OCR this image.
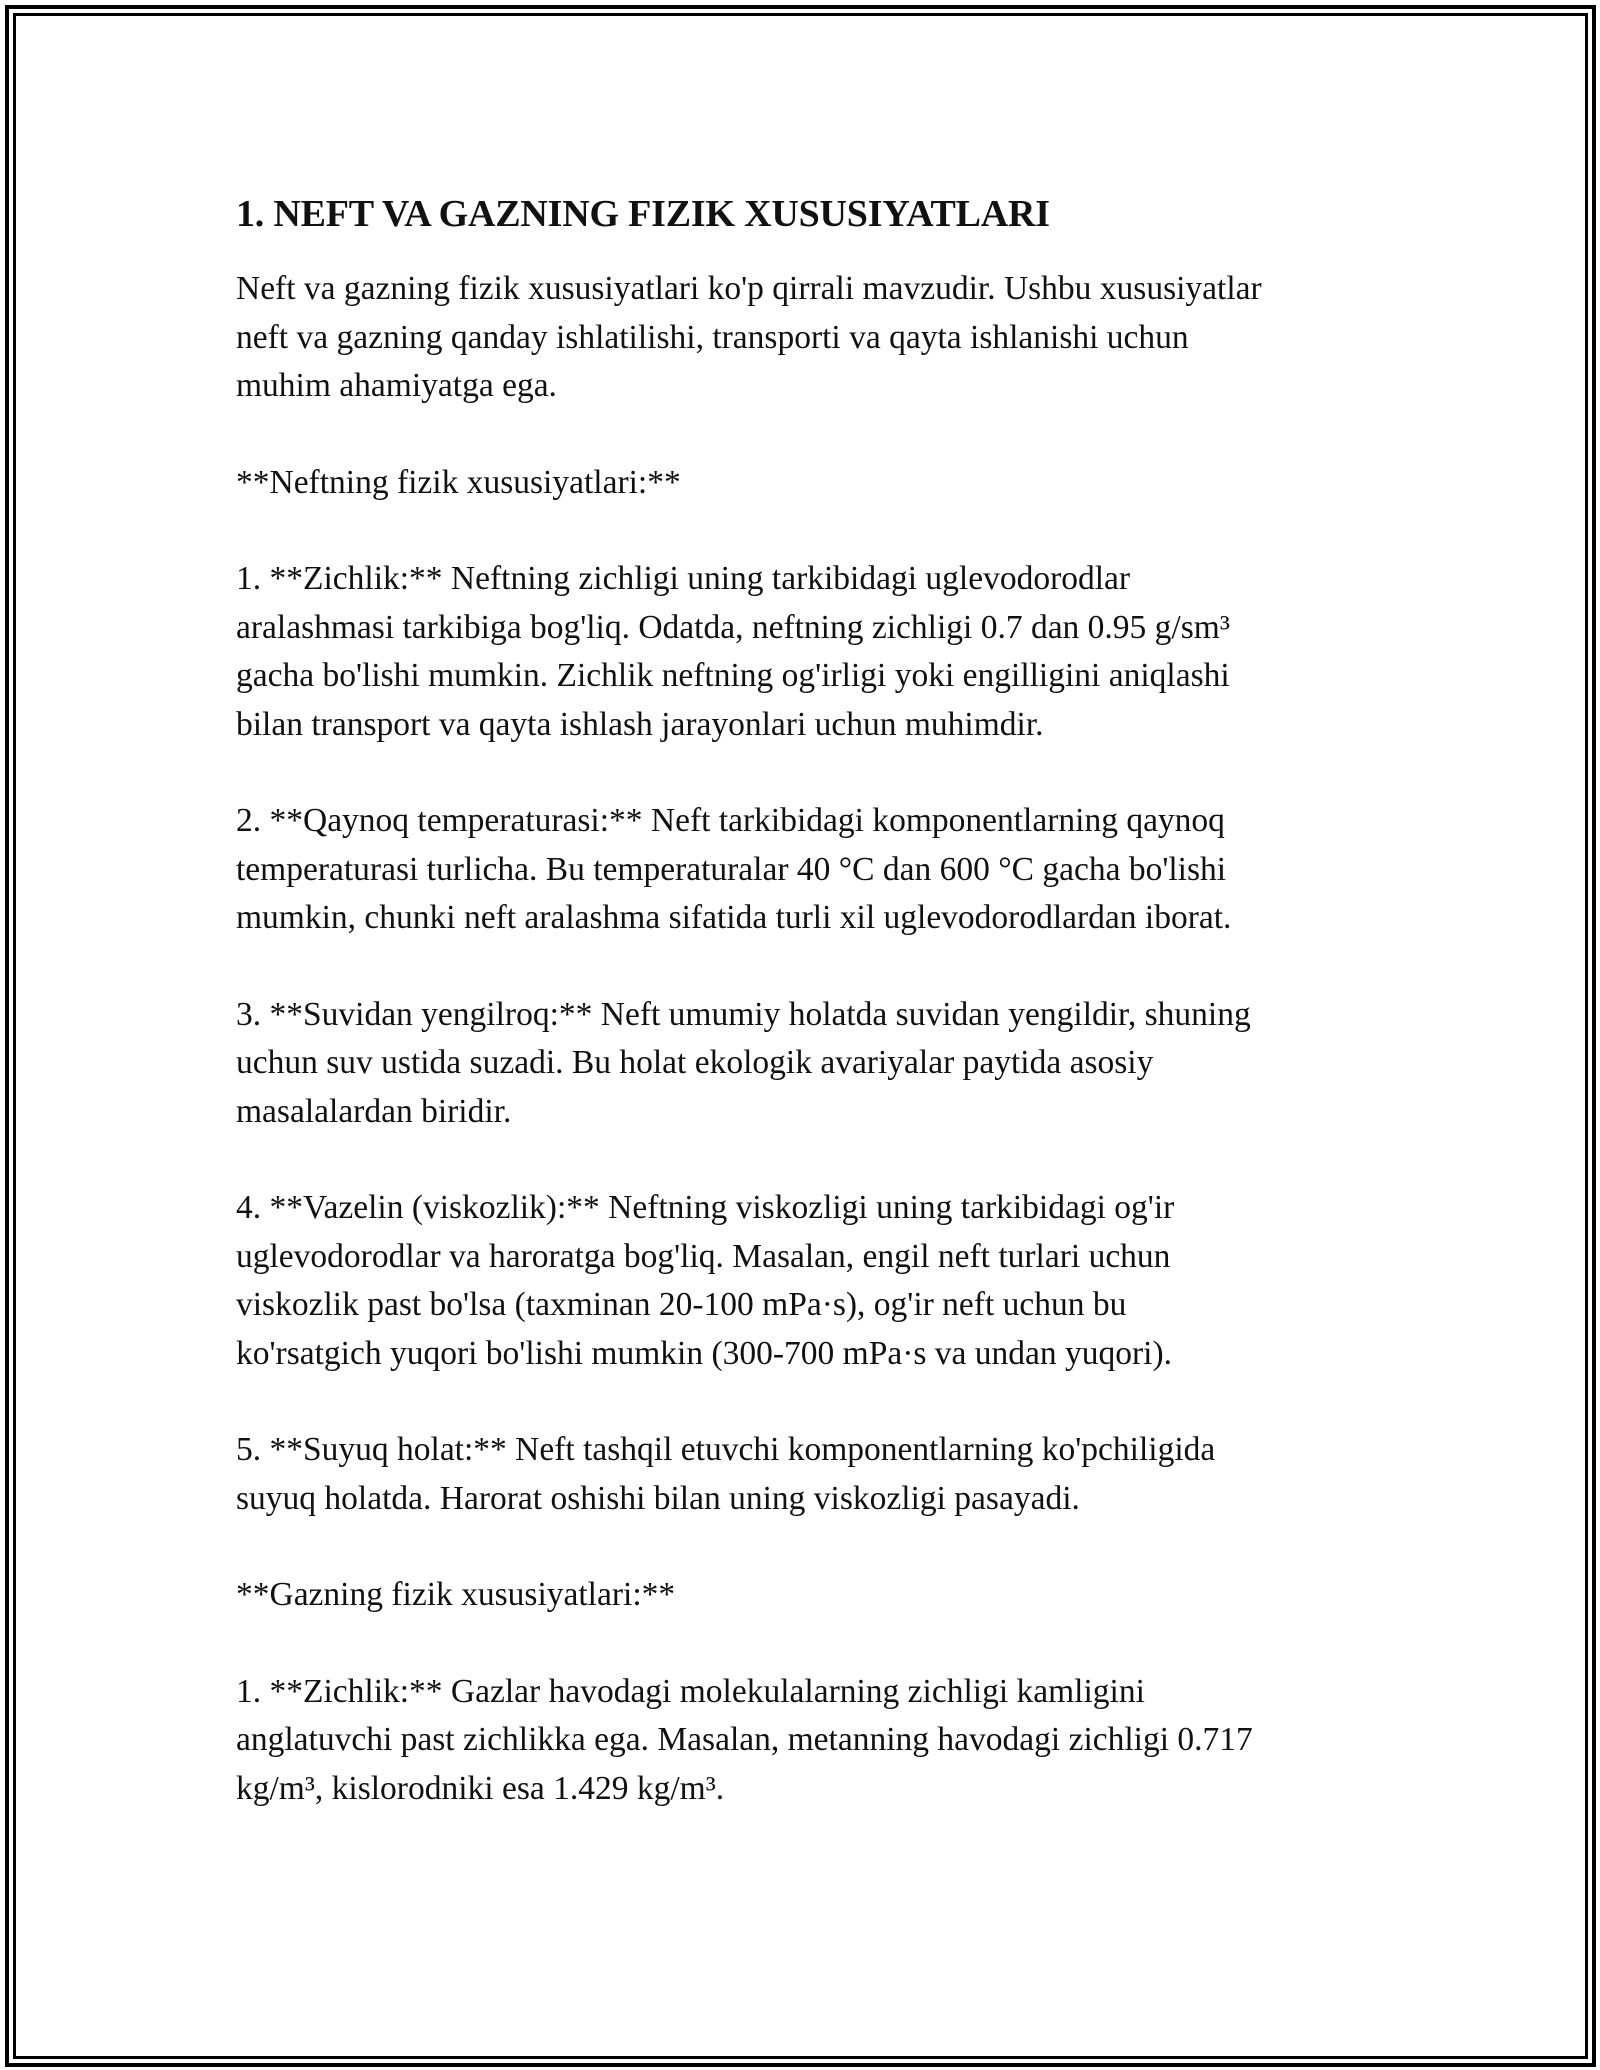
1. NEFT VA GAZNING FIZIK XUSUSIYATLARI

Neft va gazning fizik xususiyatlari ko'p qirrali mavzudir. Ushbu xususiyatlar
neft va gazning qanday ishlatilishi, transporti va qayta ishlanishi uchun
muhim ahamiyatga ega.

**Neftning fizik xususiyatlari:**

1. **Zichlik:** Neftning zichligi uning tarkibidagi uglevodorodlar
aralashmasi tarkibiga bog'liq. Odatda, neftning zichligi 0.7 dan 0.95 g/sm³
gacha bo'lishi mumkin. Zichlik neftning og'irligi yoki engilligini aniqlashi
bilan transport va qayta ishlash jarayonlari uchun muhimdir.

2. **Qaynoq temperaturasi:** Neft tarkibidagi komponentlarning qaynoq
temperaturasi turlicha. Bu temperaturalar 40 °C dan 600 °C gacha bo'lishi
mumkin, chunki neft aralashma sifatida turli xil uglevodorodlardan iborat.

3. **Suvidan yengilroq:** Neft umumiy holatda suvidan yengildir, shuning
uchun suv ustida suzadi. Bu holat ekologik avariyalar paytida asosiy
masalalardan biridir.

4. **Vazelin (viskozlik):** Neftning viskozligi uning tarkibidagi og'ir
uglevodorodlar va haroratga bog'liq. Masalan, engil neft turlari uchun
viskozlik past bo'lsa (taxminan 20-100 mPa·s), og'ir neft uchun bu
ko'rsatgich yuqori bo'lishi mumkin (300-700 mPa·s va undan yuqori).

5. **Suyuq holat:** Neft tashqil etuvchi komponentlarning ko'pchiligida
suyuq holatda. Harorat oshishi bilan uning viskozligi pasayadi.

**Gazning fizik xususiyatlari:**

1. **Zichlik:** Gazlar havodagi molekulalarning zichligi kamligini
anglatuvchi past zichlikka ega. Masalan, metanning havodagi zichligi 0.717
kg/m³, kislorodniki esa 1.429 kg/m³.
